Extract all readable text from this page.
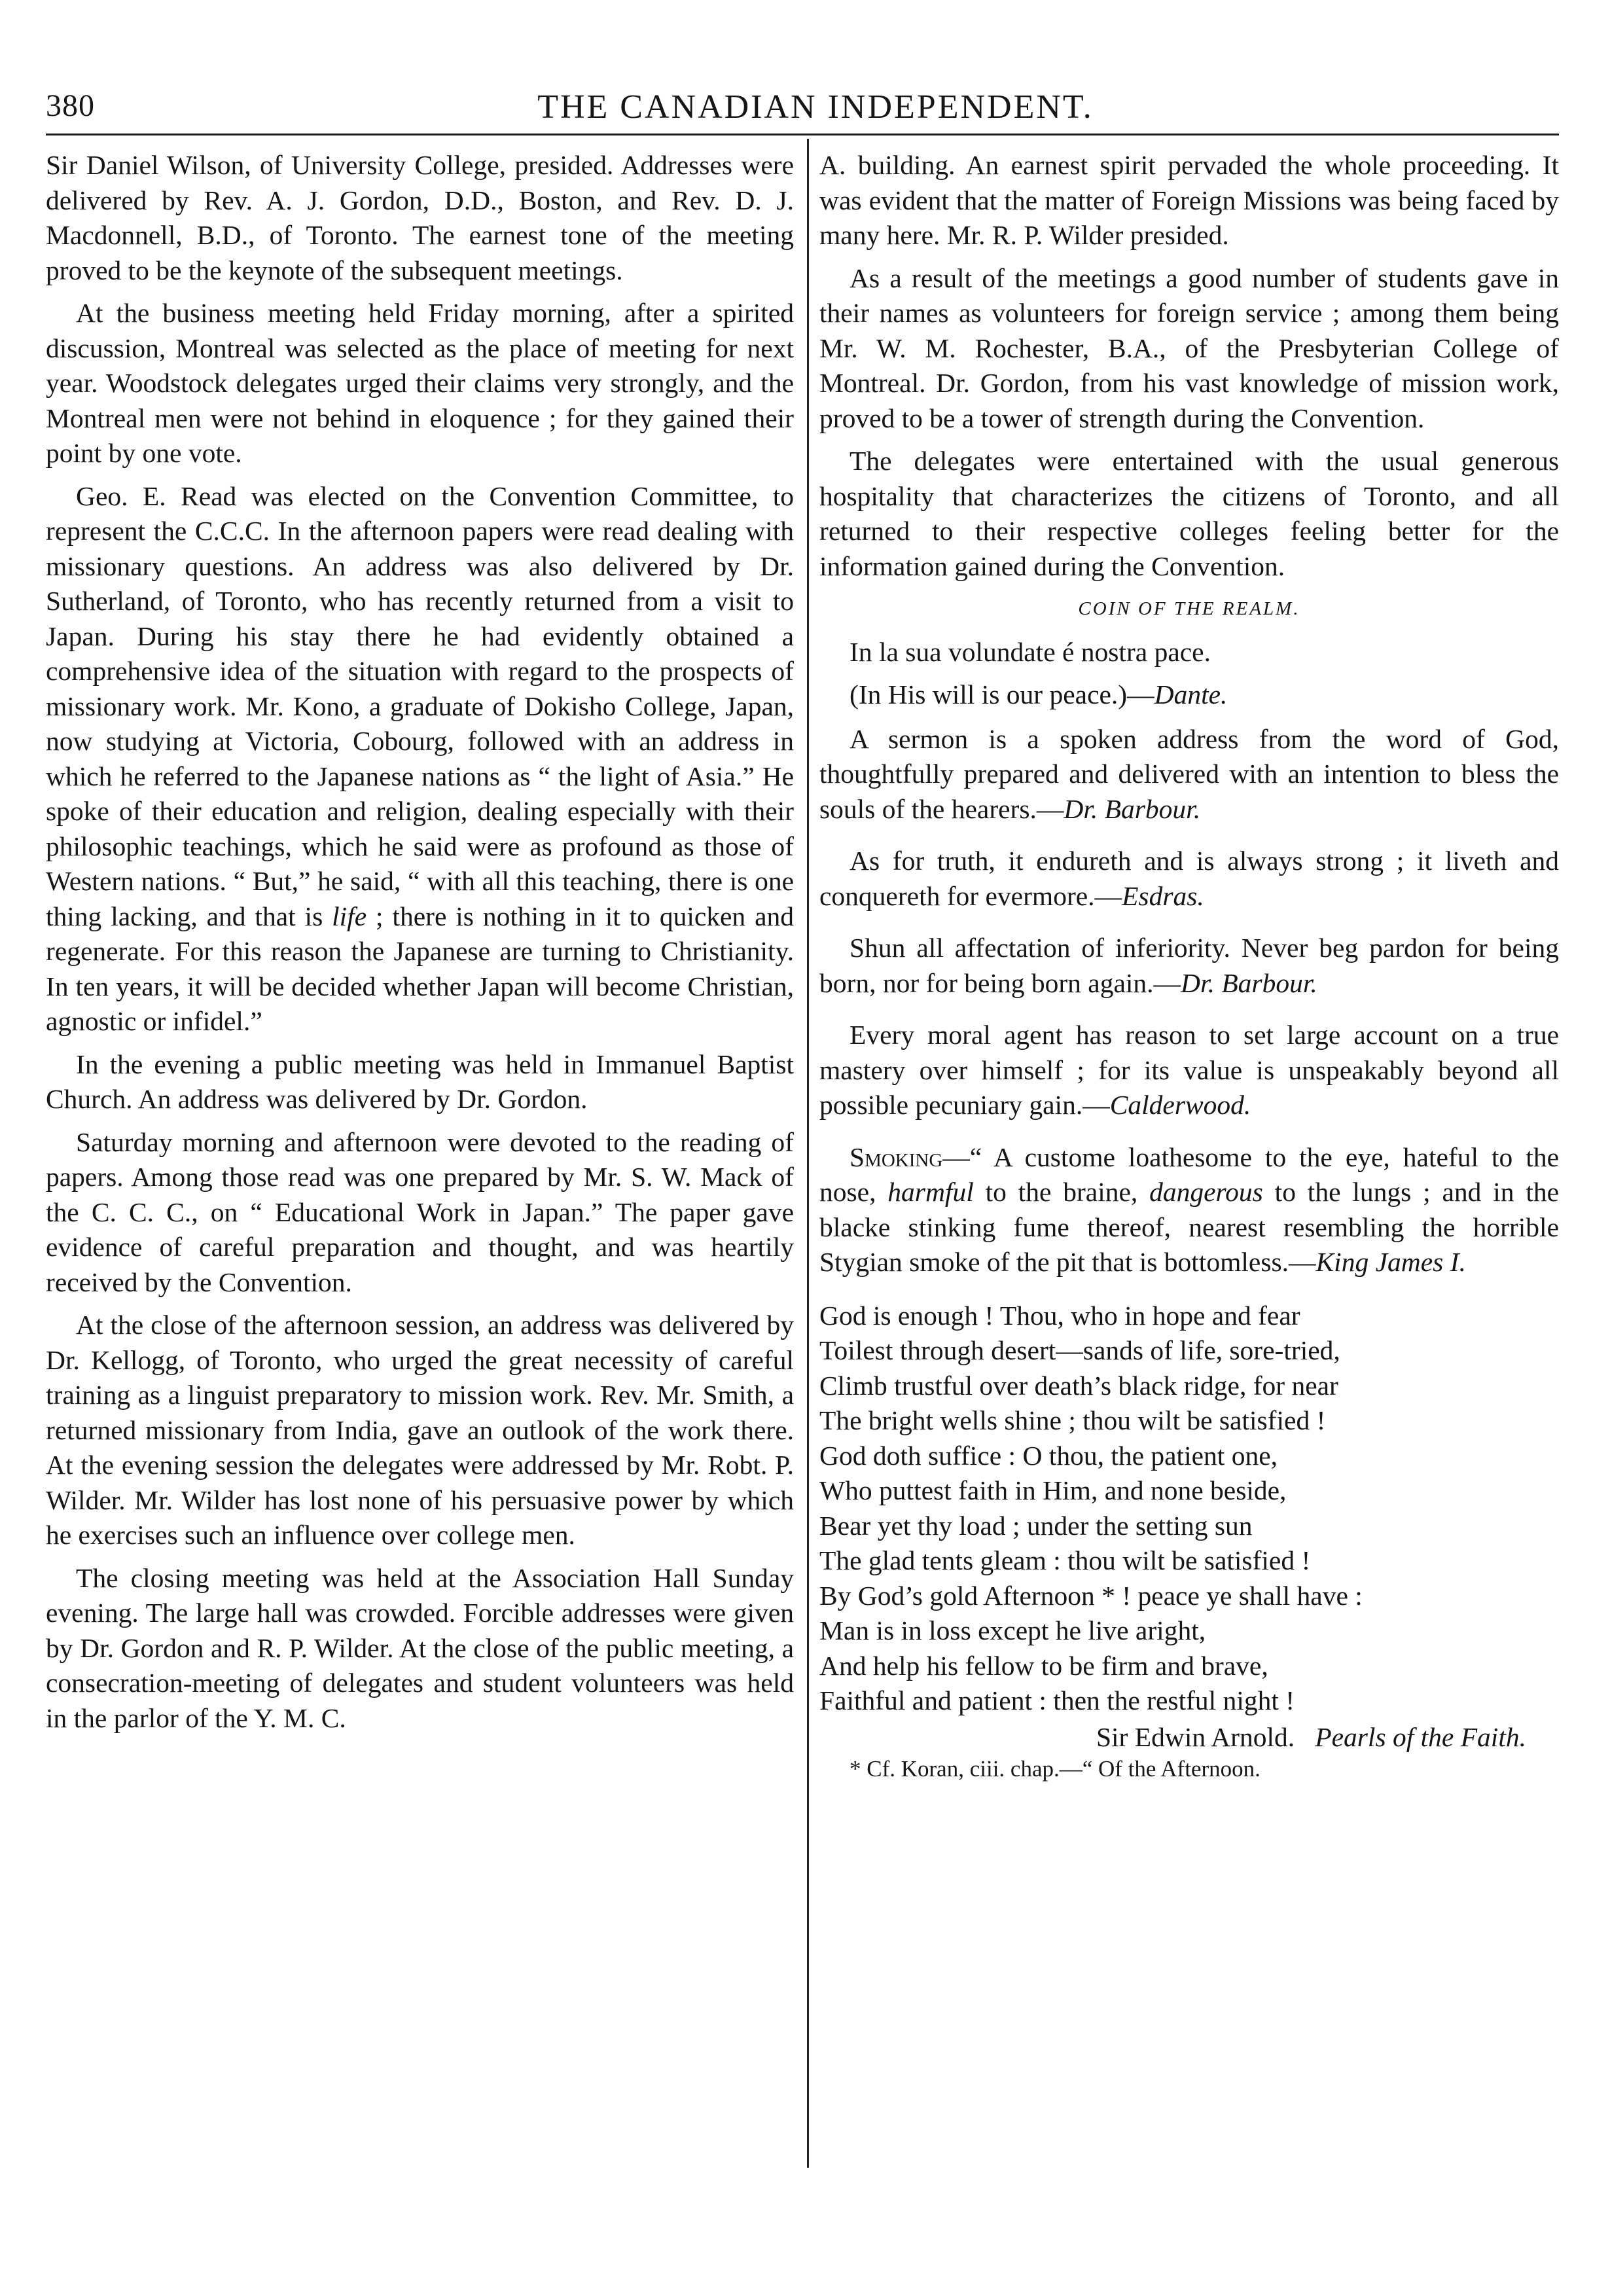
380	THE CANADIAN INDEPENDENT.

Sir Daniel Wilson, of University College, presided. Addresses were delivered by Rev. A. J. Gordon, D.D., Boston, and Rev. D. J. Macdonnell, B.D., of Toronto. The earnest tone of the meeting proved to be the keynote of the subsequent meetings.

At the business meeting held Friday morning, after a spirited discussion, Montreal was selected as the place of meeting for next year. Woodstock delegates urged their claims very strongly, and the Montreal men were not behind in eloquence ; for they gained their point by one vote.

Geo. E. Read was elected on the Convention Committee, to represent the C.C.C. In the afternoon papers were read dealing with missionary questions. An address was also delivered by Dr. Sutherland, of Toronto, who has recently returned from a visit to Japan. During his stay there he had evidently obtained a comprehensive idea of the situation with regard to the prospects of missionary work. Mr. Kono, a graduate of Dokisho College, Japan, now studying at Victoria, Cobourg, followed with an address in which he referred to the Japanese nations as “ the light of Asia.” He spoke of their education and religion, dealing especially with their philosophic teachings, which he said were as profound as those of Western nations. “ But,” he said, “ with all this teaching, there is one thing lacking, and that is life ; there is nothing in it to quicken and regenerate. For this reason the Japanese are turning to Christianity. In ten years, it will be decided whether Japan will become Christian, agnostic or infidel.”

In the evening a public meeting was held in Immanuel Baptist Church. An address was delivered by Dr. Gordon.

Saturday morning and afternoon were devoted to the reading of papers. Among those read was one prepared by Mr. S. W. Mack of the C. C. C., on “ Educational Work in Japan.” The paper gave evidence of careful preparation and thought, and was heartily received by the Convention.

At the close of the afternoon session, an address was delivered by Dr. Kellogg, of Toronto, who urged the great necessity of careful training as a linguist preparatory to mission work. Rev. Mr. Smith, a returned missionary from India, gave an outlook of the work there. At the evening session the delegates were addressed by Mr. Robt. P. Wilder. Mr. Wilder has lost none of his persuasive power by which he exercises such an influence over college men.

The closing meeting was held at the Association Hall Sunday evening. The large hall was crowded. Forcible addresses were given by Dr. Gordon and R. P. Wilder. At the close of the public meeting, a consecration-meeting of delegates and student volunteers was held in the parlor of the Y. M. C.

A. building. An earnest spirit pervaded the whole proceeding. It was evident that the matter of Foreign Missions was being faced by many here. Mr. R. P. Wilder presided.

As a result of the meetings a good number of students gave in their names as volunteers for foreign service ; among them being Mr. W. M. Rochester, B.A., of the Presbyterian College of Montreal. Dr. Gordon, from his vast knowledge of mission work, proved to be a tower of strength during the Convention.

The delegates were entertained with the usual generous hospitality that characterizes the citizens of Toronto, and all returned to their respective colleges feeling better for the information gained during the Convention.

COIN OF THE REALM.

In la sua volundate é nostra pace.

(In His will is our peace.)—Dante.

A sermon is a spoken address from the word of God, thoughtfully prepared and delivered with an intention to bless the souls of the hearers.—Dr. Barbour.

As for truth, it endureth and is always strong ; it liveth and conquereth for evermore.—Esdras.

Shun all affectation of inferiority. Never beg pardon for being born, nor for being born again.—Dr. Barbour.

Every moral agent has reason to set large account on a true mastery over himself ; for its value is unspeakably beyond all possible pecuniary gain.—Calderwood.

Smoking—“ A custome loathesome to the eye, hateful to the nose, harmful to the braine, dangerous to the lungs ; and in the blacke stinking fume thereof, nearest resembling the horrible Stygian smoke of the pit that is bottomless.—King James I.

God is enough ! Thou, who in hope and fear
Toilest through desert—sands of life, sore-tried,
Climb trustful over death’s black ridge, for near
The bright wells shine ; thou wilt be satisfied !
God doth suffice : O thou, the patient one,
Who puttest faith in Him, and none beside,
Bear yet thy load ; under the setting sun
The glad tents gleam : thou wilt be satisfied !
By God’s gold Afternoon * ! peace ye shall have :
Man is in loss except he live aright,
And help his fellow to be firm and brave,
Faithful and patient : then the restful night !
Sir Edwin Arnold. Pearls of the Faith.

* Cf. Koran, ciii. chap.—“ Of the Afternoon.
